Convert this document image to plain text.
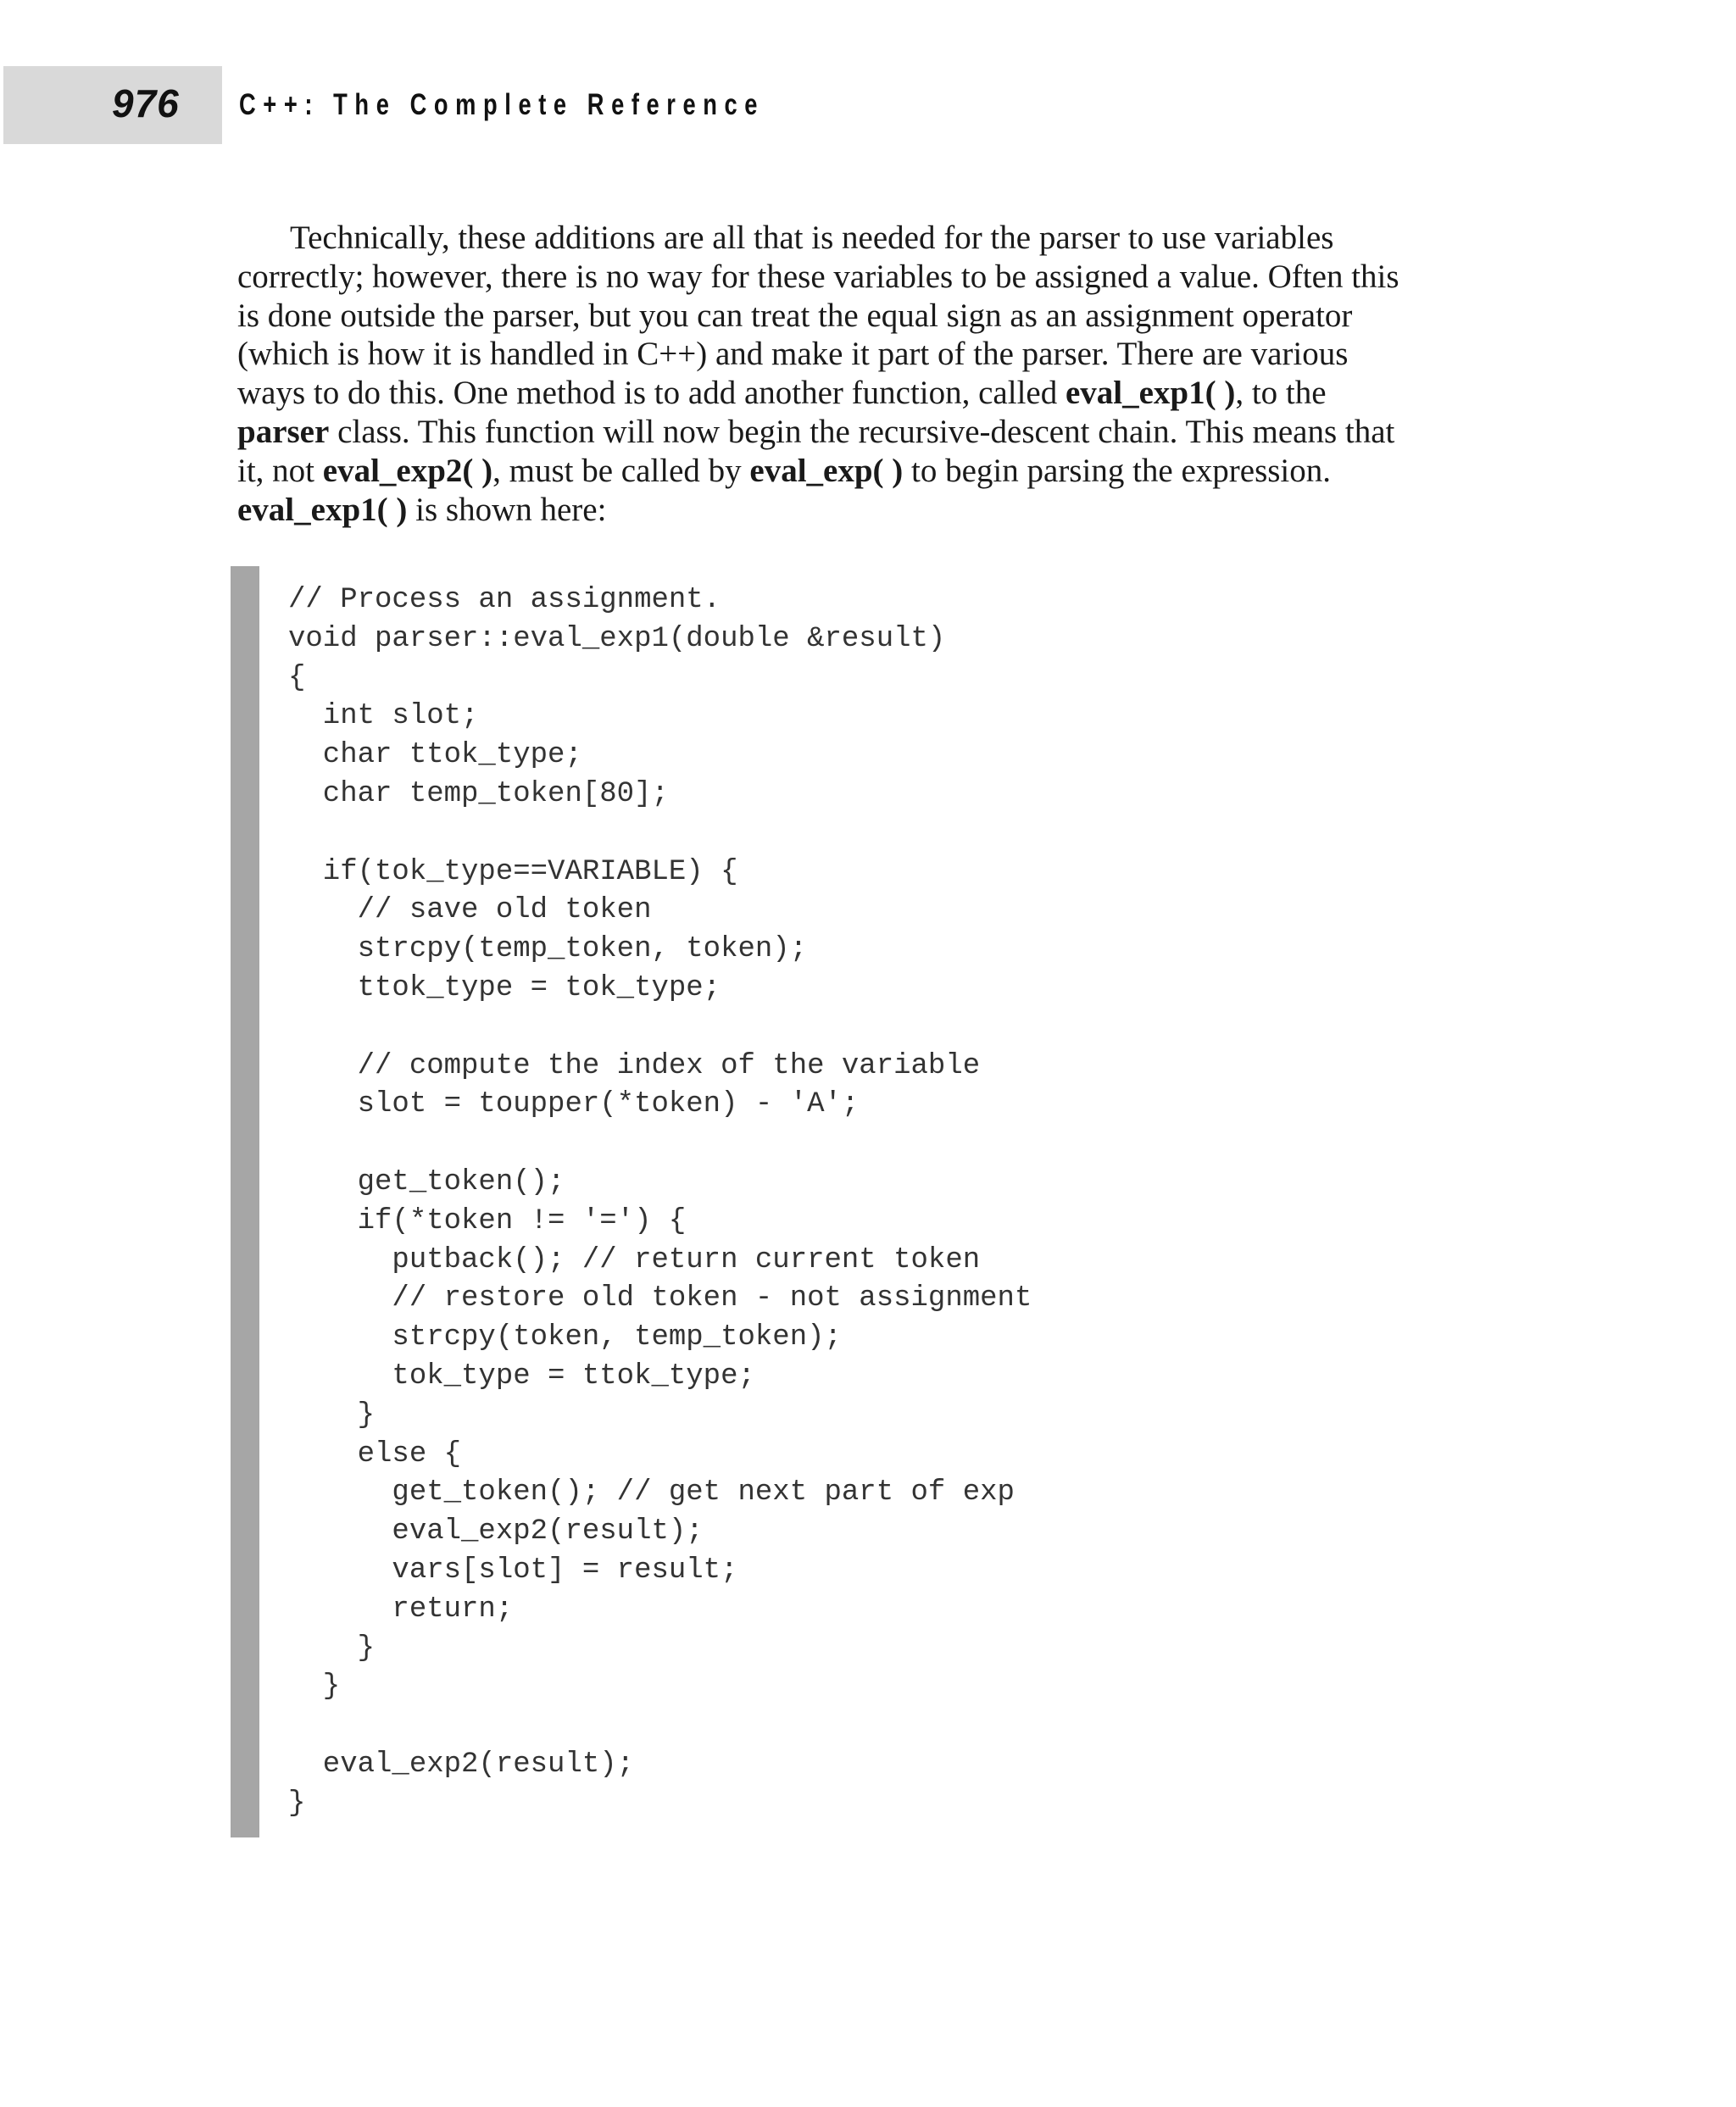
976 C++: The Complete Reference
Technically, these additions are all that is needed for the parser to use variables
correctly; however, there is no way for these variables to be assigned a value. Often this
is done outside the parser, but you can treat the equal sign as an assignment operator
(which is how it is handled in C++) and make it part of the parser. There are various
ways to do this. One method is to add another function, called eval_exp1( ), to the
parser class. This function will now begin the recursive-descent chain. This means that
it, not eval_exp2( ), must be called by eval_exp( ) to begin parsing the expression.
eval_exp1( ) is shown here:
// Process an assignment.
void parser::eval_exp1(double &result)
{
int slot;
char ttok_type;
char temp_token[80];
if(tok_type==VARIABLE) {
// save old token
strcpy(temp_token, token);
ttok_type = tok_type;
// compute the index of the variable
slot = toupper(*token) - 'A';
get_token();
if(*token != '=') {
putback(); // return current token
// restore old token - not assignment
strcpy(token, temp_token);
tok_type = ttok_type;
}
else {
get_token(); // get next part of exp
eval_exp2(result);
vars[slot] = result;
return;
}
}
eval_exp2(result);
}
